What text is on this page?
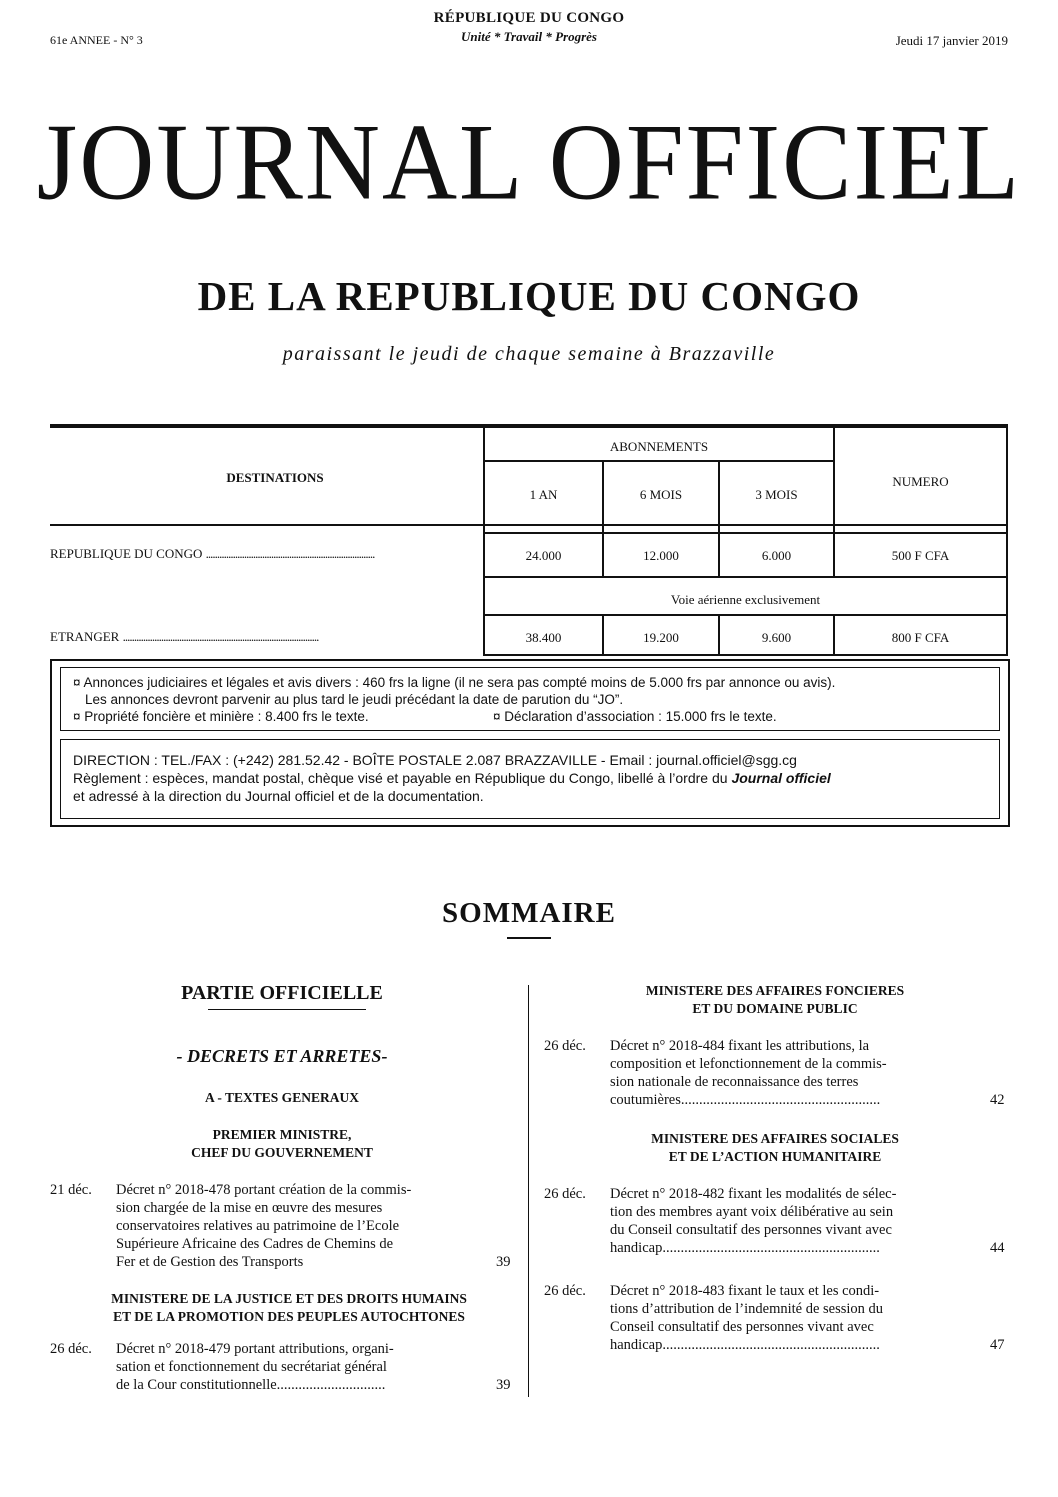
61e ANNEE - N° 3
RÉPUBLIQUE DU CONGO
Unité * Travail * Progrès	Jeudi 17 janvier 2019
JOURNAL OFFICIEL
DE LA REPUBLIQUE DU CONGO
paraissant le jeudi de chaque semaine à Brazzaville
ABONNEMENTS
DESTINATIONS
1 AN	6 MOIS	3 MOIS
NUMERO
REPUBLIQUE DU CONGO ...........................................................................	24.000	12.000	6.000	500 F CFA
Voie aérienne exclusivement
ETRANGER .......................................................................................	38.400	19.200	9.600	800 F CFA
¤ Annonces judiciaires et légales et avis divers : 460 frs la ligne (il ne sera pas compté moins de 5.000 frs par annonce ou avis).
Les annonces devront parvenir au plus tard le jeudi précédant la date de parution du “JO”.
¤ Propriété foncière et minière : 8.400 frs le texte.	¤ Déclaration d’association : 15.000 frs le texte.
DIRECTION : TEL./FAX : (+242) 281.52.42 - BOÎTE POSTALE 2.087 BRAZZAVILLE - Email : journal.officiel@sgg.cg
Règlement : espèces, mandat postal, chèque visé et payable en République du Congo, libellé à l’ordre du Journal officiel
et adressé à la direction du Journal officiel et de la documentation.
SOMMAIRE
PARTIE OFFICIELLE
- DECRETS ET ARRETES-
A - TEXTES GENERAUX
PREMIER MINISTRE,
CHEF DU GOUVERNEMENT
21 déc. Décret n° 2018-478 portant création de la commis-
sion chargée de la mise en œuvre des mesures
conservatoires relatives au patrimoine de l’Ecole
Supérieure Africaine des Cadres de Chemins de
Fer et de Gestion des Transports	39
MINISTERE DE LA JUSTICE ET DES DROITS HUMAINS
ET DE LA PROMOTION DES PEUPLES AUTOCHTONES
26 déc. Décret n° 2018-479 portant attributions, organi-
sation et fonctionnement du secrétariat général
de la Cour constitutionnelle..............................	39
MINISTERE DES AFFAIRES FONCIERES
ET DU DOMAINE PUBLIC
26 déc. Décret n° 2018-484 fixant les attributions, la
composition et lefonctionnement de la commis-
sion nationale de reconnaissance des terres
coutumières.......................................................	42
MINISTERE DES AFFAIRES SOCIALES
ET DE L’ACTION HUMANITAIRE
26 déc. Décret n° 2018-482 fixant les modalités de sélec-
tion des membres ayant voix délibérative au sein
du Conseil consultatif des personnes vivant avec
handicap............................................................	44
26 déc. Décret n° 2018-483 fixant le taux et les condi-
tions d’attribution de l’indemnité de session du
Conseil consultatif des personnes vivant avec
handicap............................................................	47
